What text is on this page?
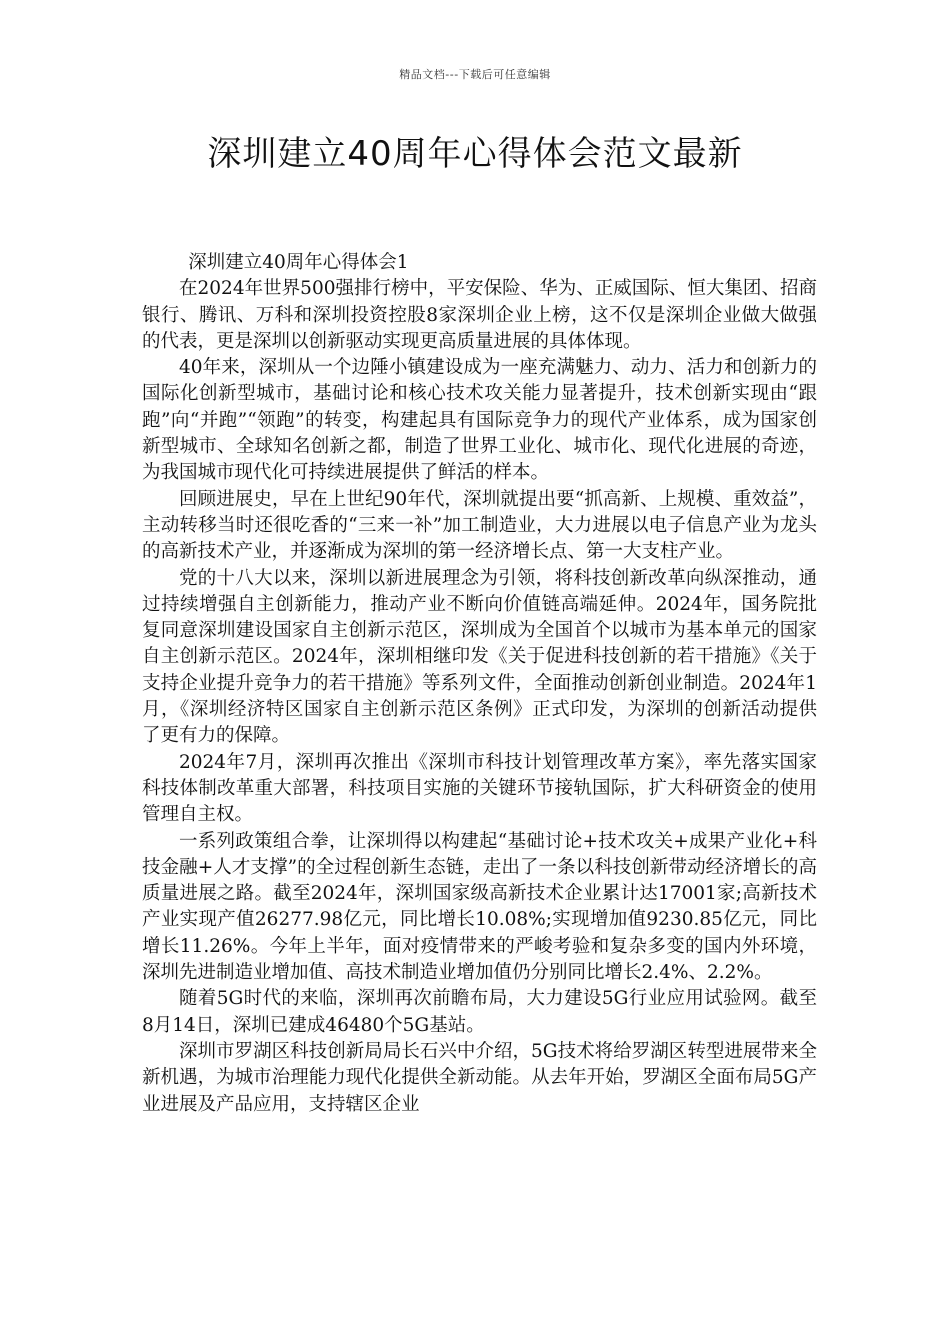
精品文档---下载后可任意编辑
深圳建立40周年心得体会范文最新

深圳建立40周年心得体会1

在2024年世界500强排行榜中，平安保险、华为、正威国际、恒大集团、招商银行、腾讯、万科和深圳投资控股8家深圳企业上榜，这不仅是深圳企业做大做强的代表，更是深圳以创新驱动实现更高质量进展的具体体现。

40年来，深圳从一个边陲小镇建设成为一座充满魅力、动力、活力和创新力的国际化创新型城市，基础讨论和核心技术攻关能力显著提升，技术创新实现由“跟跑”向“并跑”“领跑”的转变，构建起具有国际竞争力的现代产业体系，成为国家创新型城市、全球知名创新之都，制造了世界工业化、城市化、现代化进展的奇迹，为我国城市现代化可持续进展提供了鲜活的样本。

回顾进展史，早在上世纪90年代，深圳就提出要“抓高新、上规模、重效益”，主动转移当时还很吃香的“三来一补”加工制造业，大力进展以电子信息产业为龙头的高新技术产业，并逐渐成为深圳的第一经济增长点、第一大支柱产业。

党的十八大以来，深圳以新进展理念为引领，将科技创新改革向纵深推动，通过持续增强自主创新能力，推动产业不断向价值链高端延伸。2024年，国务院批复同意深圳建设国家自主创新示范区，深圳成为全国首个以城市为基本单元的国家自主创新示范区。2024年，深圳相继印发《关于促进科技创新的若干措施》《关于支持企业提升竞争力的若干措施》等系列文件，全面推动创新创业制造。2024年1月，《深圳经济特区国家自主创新示范区条例》正式印发，为深圳的创新活动提供了更有力的保障。

2024年7月，深圳再次推出《深圳市科技计划管理改革方案》，率先落实国家科技体制改革重大部署，科技项目实施的关键环节接轨国际，扩大科研资金的使用管理自主权。

一系列政策组合拳，让深圳得以构建起“基础讨论+技术攻关+成果产业化+科技金融+人才支撑”的全过程创新生态链，走出了一条以科技创新带动经济增长的高质量进展之路。截至2024年，深圳国家级高新技术企业累计达17001家;高新技术产业实现产值26277.98亿元，同比增长10.08%;实现增加值9230.85亿元，同比增长11.26%。今年上半年，面对疫情带来的严峻考验和复杂多变的国内外环境，深圳先进制造业增加值、高技术制造业增加值仍分别同比增长2.4%、2.2%。

随着5G时代的来临，深圳再次前瞻布局，大力建设5G行业应用试验网。截至8月14日，深圳已建成46480个5G基站。

深圳市罗湖区科技创新局局长石兴中介绍，5G技术将给罗湖区转型进展带来全新机遇，为城市治理能力现代化提供全新动能。从去年开始，罗湖区全面布局5G产业进展及产品应用，支持辖区企业
